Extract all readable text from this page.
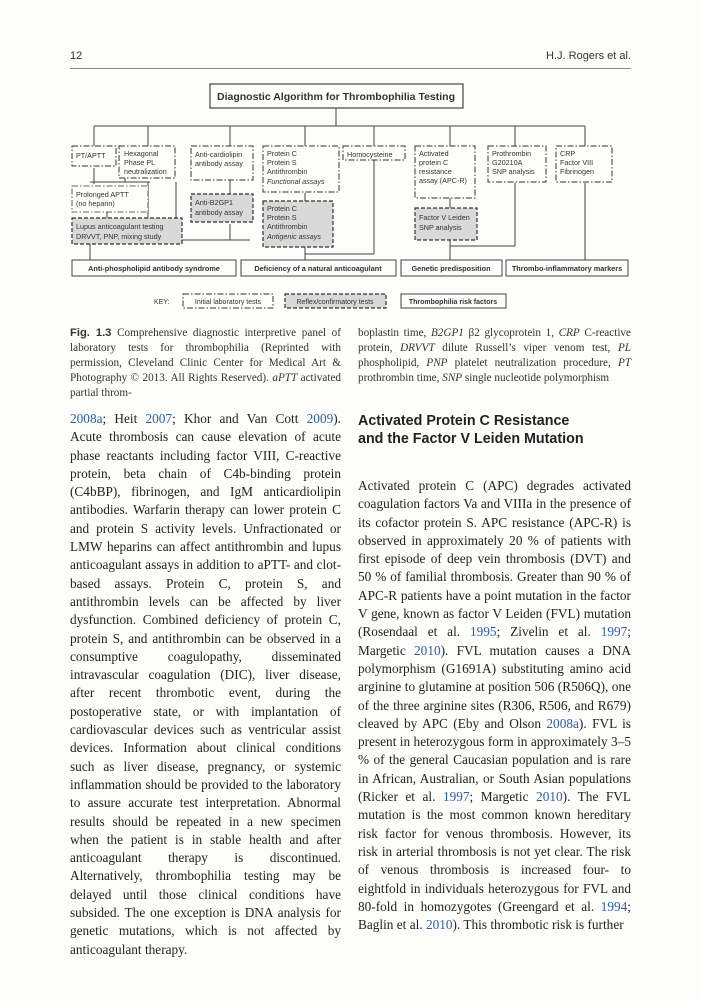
12	H.J. Rogers et al.
Diagnostic Algorithm for Thrombophilia Testing
PT/APTT	Hexagonal
Phase PL
neutralization
Anti-cardiolipin
antibody assay
Protein C
Protein S
Antithrombin
Functional assays
Homocysteine	Activated
protein C
resistance
assay (APC-R)
Prothrombin
G20210A
SNP analysis
CRP
Factor VIII
Fibrinogen
Prolonged APTT
(no heparin)	Anti-B2GP1
antibody assay
Lupus anticoagulant testing
DRVVT, PNP, mixing study
Protein C
Protein S
Antithrombin
Antigenic assays
Factor V Leiden
SNP analysis
Anti-phospholipid antibody syndrome	Deficiency of a natural anticoagulant	Genetic predisposition	Thrombo-inflammatory markers
KEY:	Initial laboratory tests	Reflex/confirmatory tests	Thrombophilia risk factors
Fig. 1.3 Comprehensive diagnostic interpretive panel of laboratory tests for thrombophilia (Reprinted with permission, Cleveland Clinic Center for Medical Art & Photography © 2013. All Rights Reserved). aPTT activated partial throm-
boplastin time, B2GP1 β2 glycoprotein 1, CRP C-reactive protein, DRVVT dilute Russell’s viper venom test, PL phospholipid, PNP platelet neutralization procedure, PT prothrombin time, SNP single nucleotide polymorphism
2008a; Heit 2007; Khor and Van Cott 2009). Acute thrombosis can cause elevation of acute phase reactants including factor VIII, C-reactive protein, beta chain of C4b-binding protein (C4bBP), fibrinogen, and IgM anticardiolipin antibodies. Warfarin therapy can lower protein C and protein S activity levels. Unfractionated or LMW heparins can affect antithrombin and lupus anticoagulant assays in addition to aPTT- and clot-based assays. Protein C, protein S, and antithrombin levels can be affected by liver dysfunction. Combined deficiency of protein C, protein S, and antithrombin can be observed in a consumptive coagulopathy, disseminated intravascular coagulation (DIC), liver disease, after recent thrombotic event, during the postoperative state, or with implantation of cardiovascular devices such as ventricular assist devices. Information about clinical conditions such as liver disease, pregnancy, or systemic inflammation should be provided to the laboratory to assure accurate test interpretation. Abnormal results should be repeated in a new specimen when the patient is in stable health and after anticoagulant therapy is discontinued. Alternatively, thrombophilia testing may be delayed until those clinical conditions have subsided. The one exception is DNA analysis for genetic mutations, which is not affected by anticoagulant therapy.
Activated Protein C Resistance
and the Factor V Leiden Mutation
Activated protein C (APC) degrades activated coagulation factors Va and VIIIa in the presence of its cofactor protein S. APC resistance (APC-R) is observed in approximately 20 % of patients with first episode of deep vein thrombosis (DVT) and 50 % of familial thrombosis. Greater than 90 % of APC-R patients have a point mutation in the factor V gene, known as factor V Leiden (FVL) mutation (Rosendaal et al. 1995; Zivelin et al. 1997; Margetic 2010). FVL mutation causes a DNA polymorphism (G1691A) substituting amino acid arginine to glutamine at position 506 (R506Q), one of the three arginine sites (R306, R506, and R679) cleaved by APC (Eby and Olson 2008a). FVL is present in heterozygous form in approximately 3–5 % of the general Caucasian population and is rare in African, Australian, or South Asian populations (Ricker et al. 1997; Margetic 2010). The FVL mutation is the most common known hereditary risk factor for venous thrombosis. However, its risk in arterial thrombosis is not yet clear. The risk of venous thrombosis is increased four- to eightfold in individuals heterozygous for FVL and 80-fold in homozygotes (Greengard et al. 1994; Baglin et al. 2010). This thrombotic risk is further
